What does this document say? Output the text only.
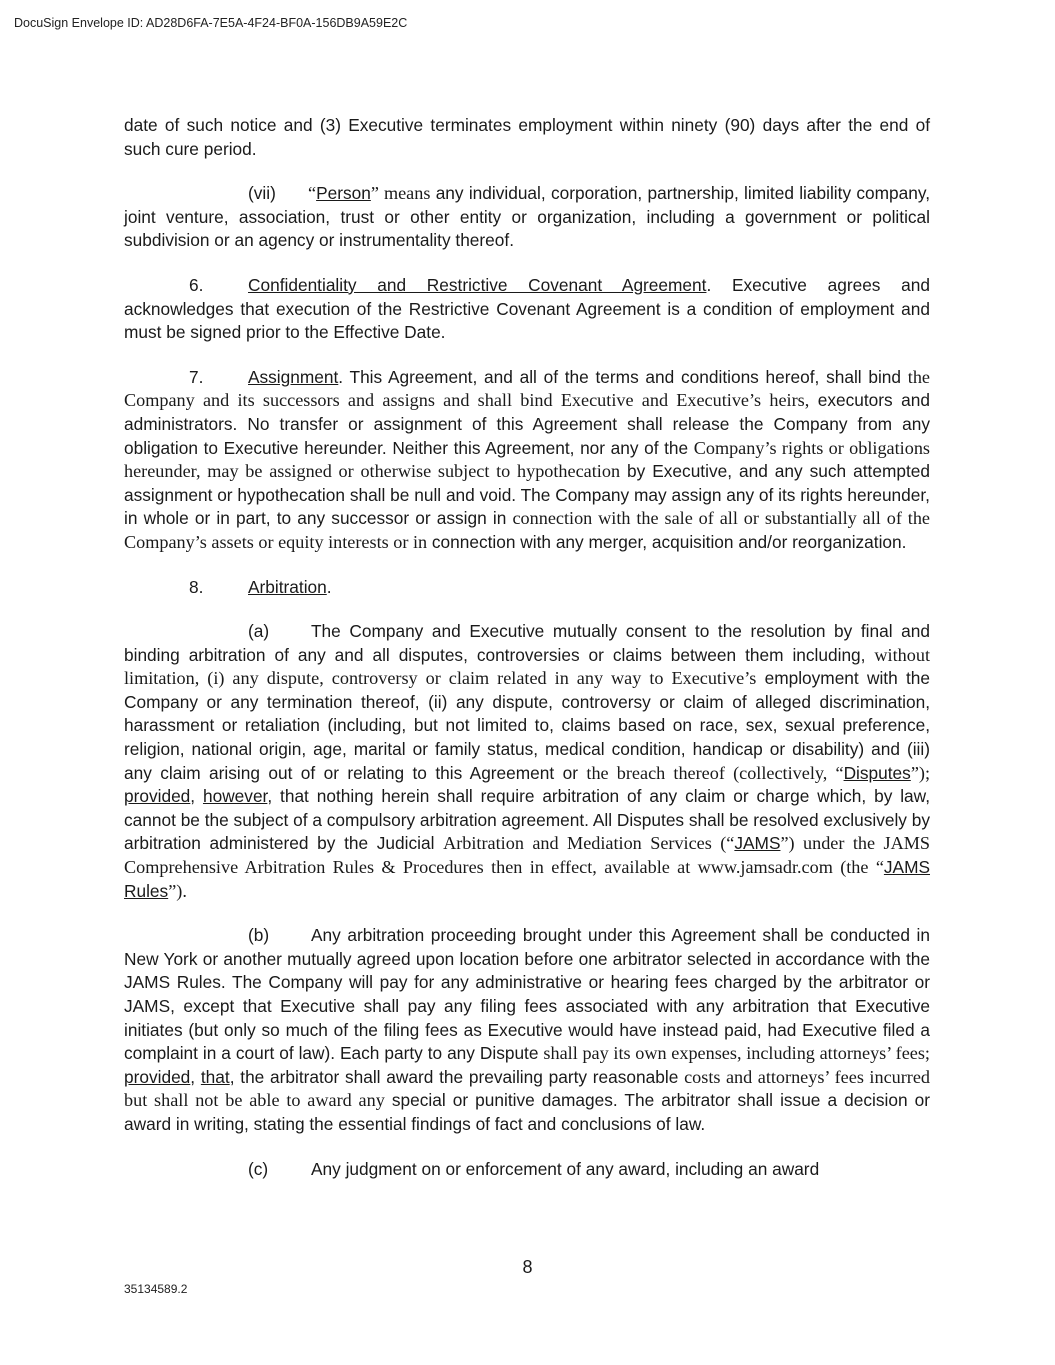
DocuSign Envelope ID: AD28D6FA-7E5A-4F24-BF0A-156DB9A59E2C

date of such notice and (3) Executive terminates employment within ninety (90) days after the end of such cure period.

(vii) “Person” means any individual, corporation, partnership, limited liability company, joint venture, association, trust or other entity or organization, including a government or political subdivision or an agency or instrumentality thereof.

6.	Confidentiality and Restrictive Covenant Agreement. Executive agrees and acknowledges that execution of the Restrictive Covenant Agreement is a condition of employment and must be signed prior to the Effective Date.

7.	Assignment. This Agreement, and all of the terms and conditions hereof, shall bind the Company and its successors and assigns and shall bind Executive and Executive’s heirs, executors and administrators. No transfer or assignment of this Agreement shall release the Company from any obligation to Executive hereunder. Neither this Agreement, nor any of the Company’s rights or obligations hereunder, may be assigned or otherwise subject to hypothecation by Executive, and any such attempted assignment or hypothecation shall be null and void. The Company may assign any of its rights hereunder, in whole or in part, to any successor or assign in connection with the sale of all or substantially all of the Company’s assets or equity interests or in connection with any merger, acquisition and/or reorganization.

8.	Arbitration.

(a) The Company and Executive mutually consent to the resolution by final and binding arbitration of any and all disputes, controversies or claims between them including, without limitation, (i) any dispute, controversy or claim related in any way to Executive’s employment with the Company or any termination thereof, (ii) any dispute, controversy or claim of alleged discrimination, harassment or retaliation (including, but not limited to, claims based on race, sex, sexual preference, religion, national origin, age, marital or family status, medical condition, handicap or disability) and (iii) any claim arising out of or relating to this Agreement or the breach thereof (collectively, “Disputes”); provided, however, that nothing herein shall require arbitration of any claim or charge which, by law, cannot be the subject of a compulsory arbitration agreement. All Disputes shall be resolved exclusively by arbitration administered by the Judicial Arbitration and Mediation Services (“JAMS”) under the JAMS Comprehensive Arbitration Rules & Procedures then in effect, available at www.jamsadr.com (the “JAMS Rules”).

(b) Any arbitration proceeding brought under this Agreement shall be conducted in New York or another mutually agreed upon location before one arbitrator selected in accordance with the JAMS Rules. The Company will pay for any administrative or hearing fees charged by the arbitrator or JAMS, except that Executive shall pay any filing fees associated with any arbitration that Executive initiates (but only so much of the filing fees as Executive would have instead paid, had Executive filed a complaint in a court of law). Each party to any Dispute shall pay its own expenses, including attorneys’ fees; provided, that, the arbitrator shall award the prevailing party reasonable costs and attorneys’ fees incurred but shall not be able to award any special or punitive damages. The arbitrator shall issue a decision or award in writing, stating the essential findings of fact and conclusions of law.

(c) Any judgment on or enforcement of any award, including an award

8
35134589.2
